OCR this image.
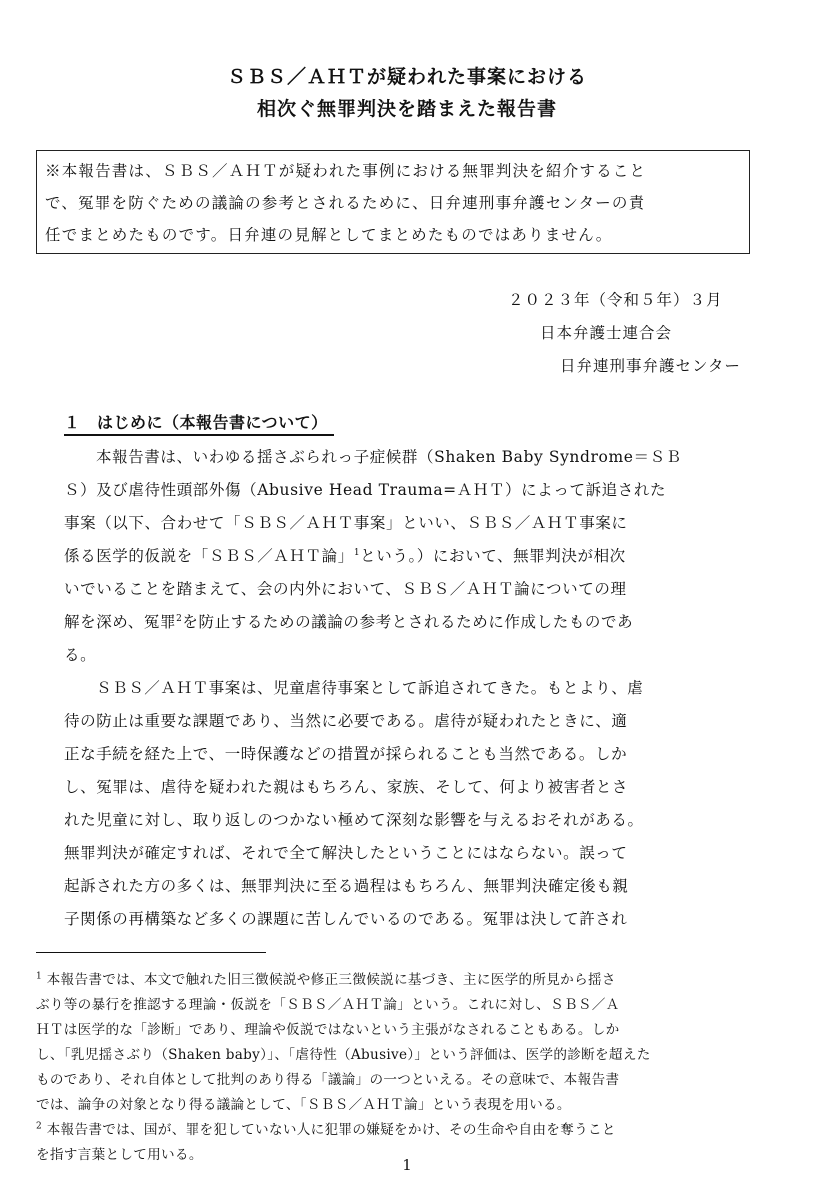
ＳＢＳ／ＡＨＴが疑われた事案における
相次ぐ無罪判決を踏まえた報告書
※本報告書は、ＳＢＳ／ＡＨＴが疑われた事例における無罪判決を紹介すること
で、冤罪を防ぐための議論の参考とされるために、日弁連刑事弁護センターの責
任でまとめたものです。日弁連の見解としてまとめたものではありません。
２０２３年（令和５年）３月
日本弁護士連合会
日弁連刑事弁護センター
１　はじめに（本報告書について）
本報告書は、いわゆる揺さぶられっ子症候群（Shaken Baby Syndrome＝ＳＢ
Ｓ）及び虐待性頭部外傷（Abusive Head Trauma=ＡＨＴ）によって訴追された
事案（以下、合わせて「ＳＢＳ／ＡＨＴ事案」といい、ＳＢＳ／ＡＨＴ事案に
係る医学的仮説を「ＳＢＳ／ＡＨＴ論」$^1$という。）において、無罪判決が相次
いでいることを踏まえて、会の内外において、ＳＢＳ／ＡＨＴ論についての理
解を深め、冤罪$^2$を防止するための議論の参考とされるために作成したものであ
る。
ＳＢＳ／ＡＨＴ事案は、児童虐待事案として訴追されてきた。もとより、虐
待の防止は重要な課題であり、当然に必要である。虐待が疑われたときに、適
正な手続を経た上で、一時保護などの措置が採られることも当然である。しか
し、冤罪は、虐待を疑われた親はもちろん、家族、そして、何より被害者とさ
れた児童に対し、取り返しのつかない極めて深刻な影響を与えるおそれがある。
無罪判決が確定すれば、それで全て解決したということにはならない。誤って
起訴された方の多くは、無罪判決に至る過程はもちろん、無罪判決確定後も親
子関係の再構築など多くの課題に苦しんでいるのである。冤罪は決して許され
$^1$ 本報告書では、本文で触れた旧三徴候説や修正三徴候説に基づき、主に医学的所見から揺さ
ぶり等の暴行を推認する理論・仮説を「ＳＢＳ／ＡＨＴ論」という。これに対し、ＳＢＳ／Ａ
ＨＴは医学的な「診断」であり、理論や仮説ではないという主張がなされることもある。しか
し、「乳児揺さぶり（Shaken baby）」、「虐待性（Abusive）」という評価は、医学的診断を超えた
ものであり、それ自体として批判のあり得る「議論」の一つといえる。その意味で、本報告書
では、論争の対象となり得る議論として、「ＳＢＳ／ＡＨＴ論」という表現を用いる。
$^2$ 本報告書では、国が、罪を犯していない人に犯罪の嫌疑をかけ、その生命や自由を奪うこと
を指す言葉として用いる。
1
